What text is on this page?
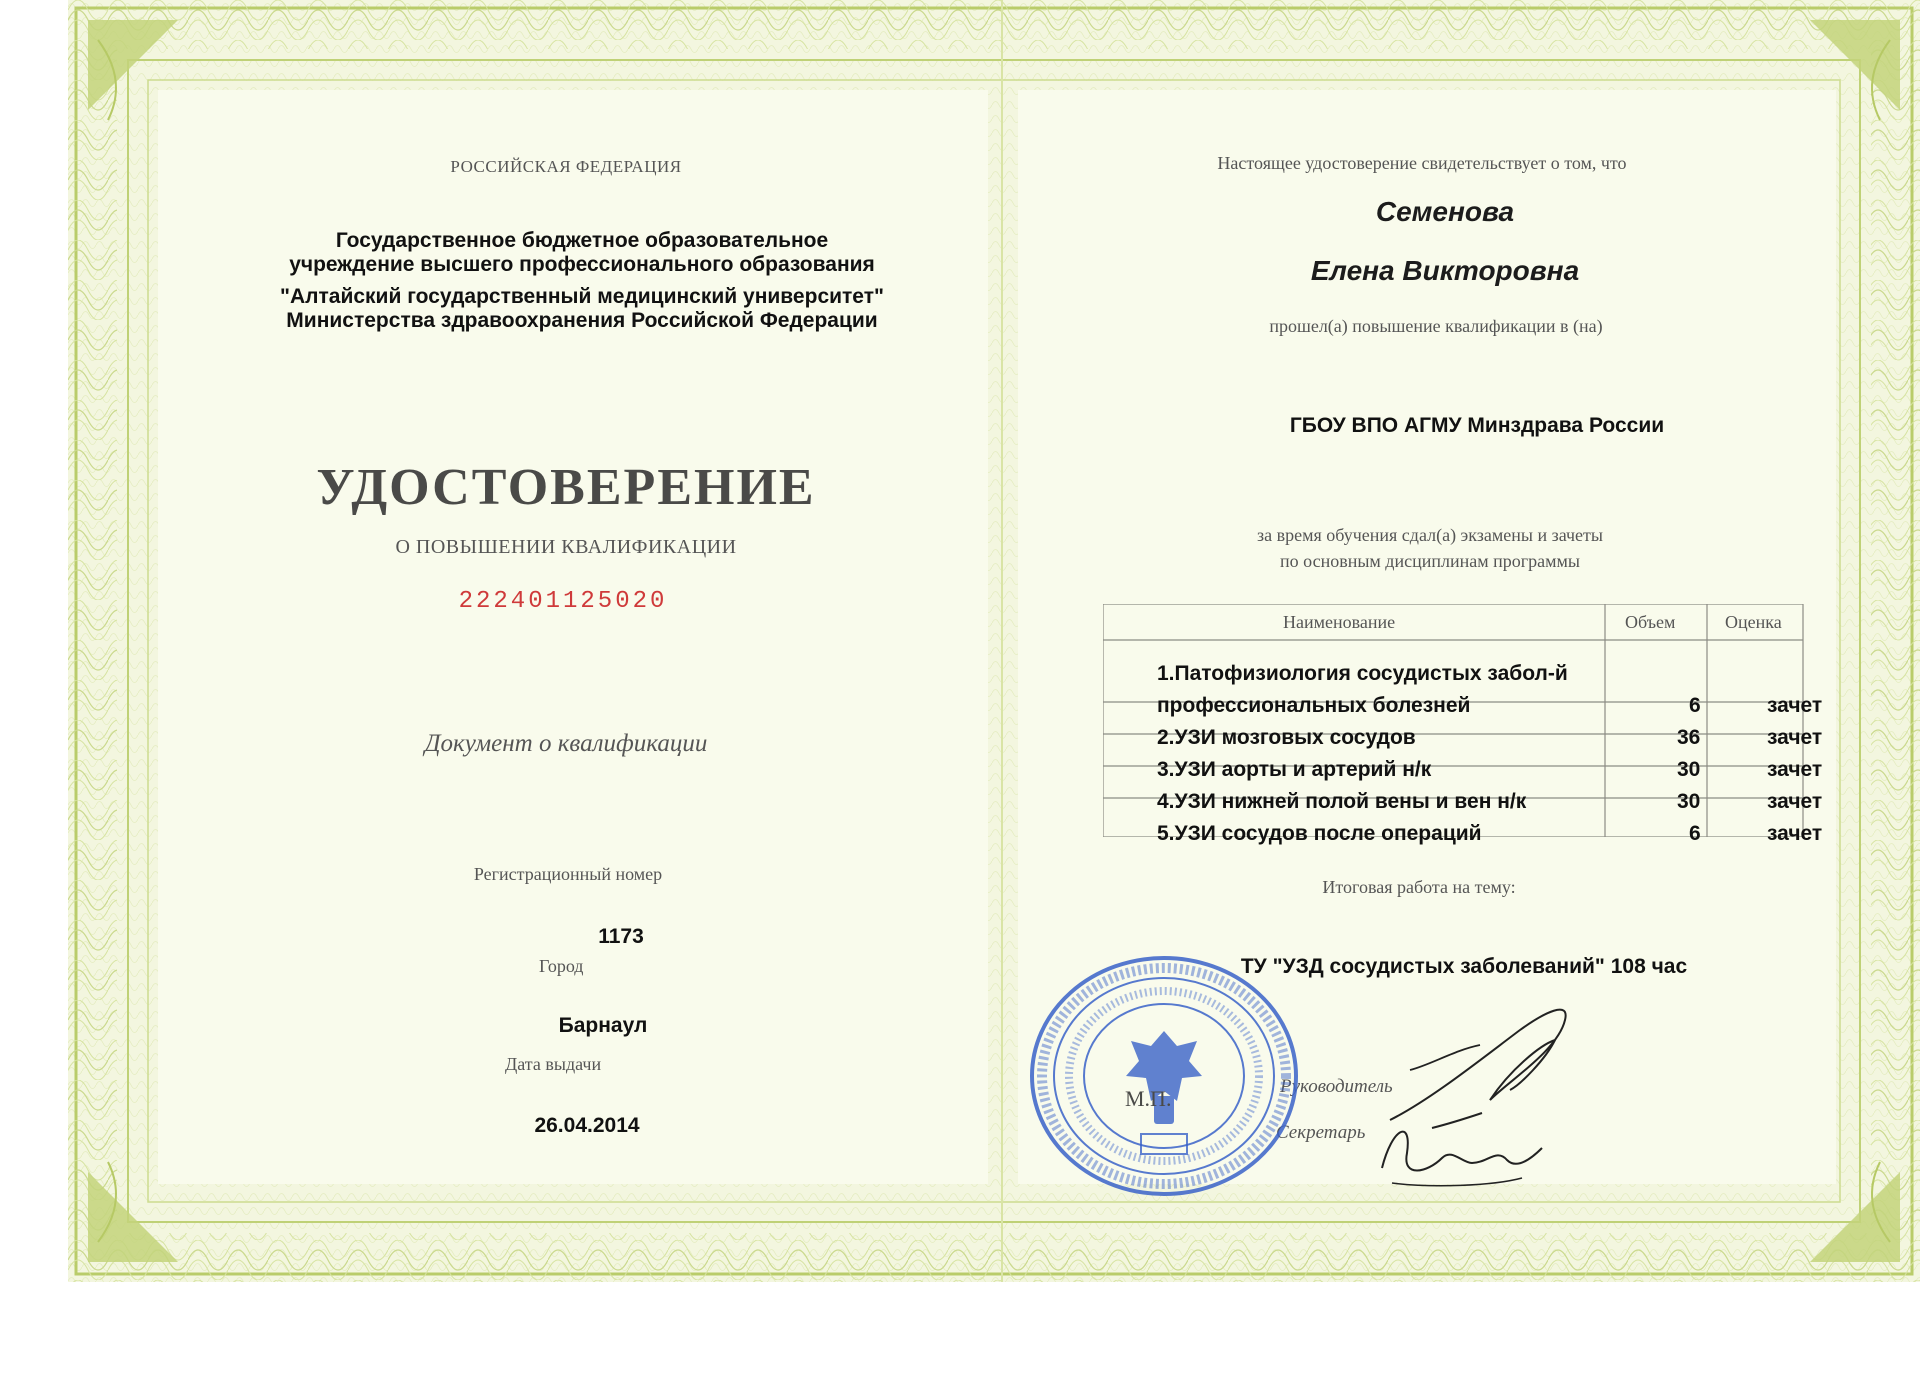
РОССИЙСКАЯ ФЕДЕРАЦИЯ
Государственное бюджетное образовательное
учреждение высшего профессионального образования
"Алтайский государственный медицинский университет"
Министерства здравоохранения Российской Федерации
УДОСТОВЕРЕНИЕ
О ПОВЫШЕНИИ КВАЛИФИКАЦИИ
222401125020
Документ о квалификации
Регистрационный номер
1173
Город
Барнаул
Дата выдачи
26.04.2014
Настоящее удостоверение свидетельствует о том, что
Семенова
Елена Викторовна
прошел(а) повышение квалификации в (на)
ГБОУ ВПО АГМУ Минздрава России
за время обучения сдал(а) экзамены и зачеты
по основным дисциплинам программы
Наименование	Объем	Оценка
1.Патофизиология сосудистых забол-й
профессиональных болезней	6	зачет
2.УЗИ мозговых сосудов	36	зачет
3.УЗИ аорты и артерий н/к	30	зачет
4.УЗИ нижней полой вены и вен н/к	30	зачет
5.УЗИ сосудов после операций	6	зачет
Итоговая работа на тему:
ТУ "УЗД сосудистых заболеваний" 108 час
Руководитель
Секретарь
М.П.
